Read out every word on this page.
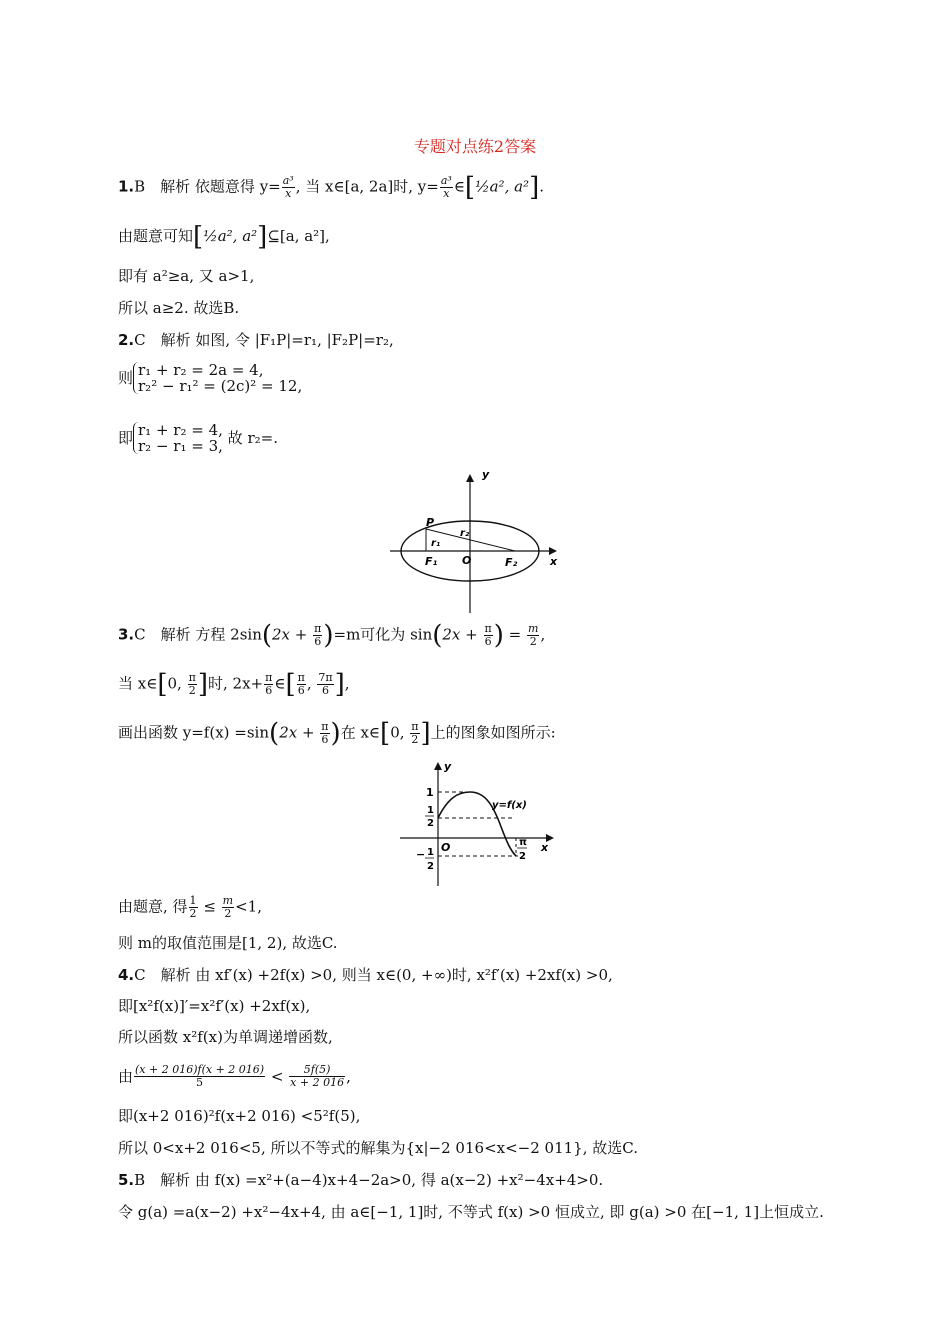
专题对点练2答案
1.B　解析 依题意得 $y= \frac{\text{a³}}{x}$ , 当 x∈[a, 2a]时, $y= \frac{\text{a³}}{x}$ ∈[½a², a²].
由题意可知[½a², a²]⊆[a, a²],
即有 a²≥a, 又 a>1,
所以 a≥2. 故选B.
2.C　解析 如图, 令 |F₁P|=r₁, |F₂P|=r₂,
则 r₁ + r₂ = 2a = 4,
r₂² − r₁² = (2c)² = 12,
即 r₁ + r₂ = 4,
r₂ − r₁ = 3, 故 r₂=.
y
x
P
r₂
r₁
F₁ O	F₂
3.C　解析 方程 $2\sin(2x + \frac{\pi}{6} )=m$可化为 $\sin(2x + \frac{\pi}{6}$ ) = $\frac{m}{2}$ ,
当 x∈[0, $\frac{\pi}{2}$ ]时, $2x+ \frac{\pi}{6}$ ∈[ $\frac{\pi}{6}$ , $\frac{7\pi}{6}$ ],
画出函数 $y=f(x) =\sin(2x + \frac{\pi}{6}$ )在 x∈[0, $\frac{\pi}{2}$ ]上的图象如图所示:
y
x
1
1
2
O
− 1
2
π
2
y=f(x)
由题意, 得 $\frac{1}{2} \le \frac{m}{2} <1$,
则 m的取值范围是[1, 2), 故选C.
4.C　解析 由 xf′(x) +2f(x) >0, 则当 x∈(0, +∞)时, x²f′(x) +2xf(x) >0,
即[x²f(x)]′=x²f′(x) +2xf(x),
所以函数 x²f(x)为单调递增函数,
由 $\frac{(x + 2 016)f(x + 2 016)}{5} < \frac{5f(5)}{x + 2 016}$ ,
即(x+2 016)²f(x+2 016) <5²f(5),
所以 0<x+2 016<5, 所以不等式的解集为{x|−2 016<x<−2 011}, 故选C.
5.B　解析 由 f(x) =x²+(a−4)x+4−2a>0, 得 a(x−2) +x²−4x+4>0.
令 g(a) =a(x−2) +x²−4x+4, 由 a∈[−1, 1]时, 不等式 f(x) >0 恒成立, 即 g(a) >0 在[−1, 1]上恒成立.
